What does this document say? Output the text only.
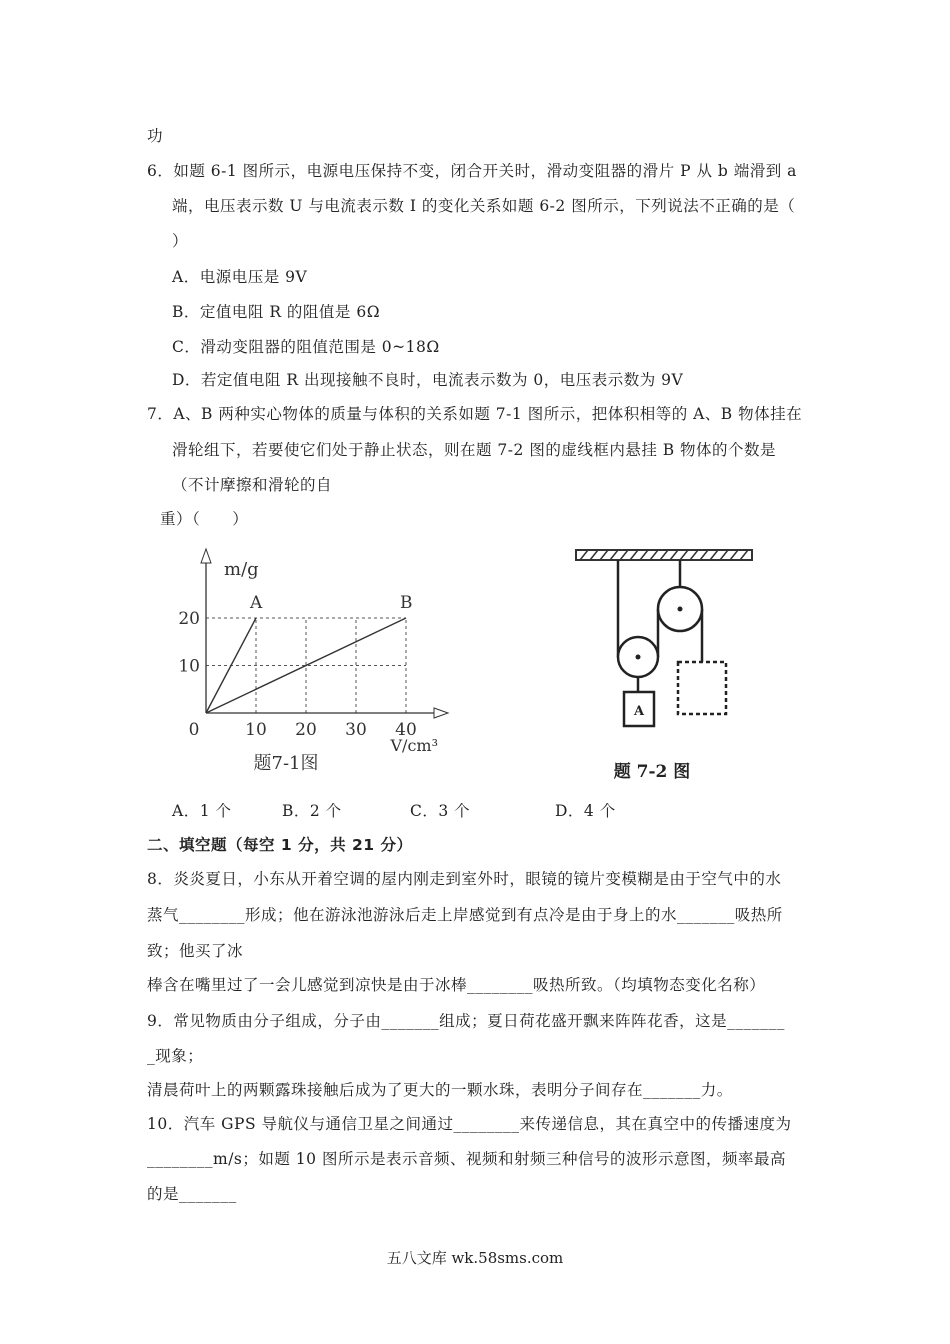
功
6．如题 6-1 图所示，电源电压保持不变，闭合开关时，滑动变阻器的滑片 P 从 b 端滑到 a
端，电压表示数 U 与电流表示数 I 的变化关系如题 6-2 图所示，下列说法不正确的是（
）
A．电源电压是 9V
B．定值电阻 R 的阻值是 6Ω
C．滑动变阻器的阻值范围是 0~18Ω
D．若定值电阻 R 出现接触不良时，电流表示数为 0，电压表示数为 9V
7．A、B 两种实心物体的质量与体积的关系如题 7-1 图所示，把体积相等的 A、B 物体挂在
滑轮组下，若要使它们处于静止状态，则在题 7-2 图的虚线框内悬挂 B 物体的个数是
（不计摩擦和滑轮的自
重）（　　）
0	10 20 30 40
10
20
m/g
V/cm³
A	B
题7-1图
A
题 7-2 图
A．1 个	B．2 个	C．3 个	D．4 个
二、填空题（每空 1 分，共 21 分）
8．炎炎夏日，小东从开着空调的屋内刚走到室外时，眼镜的镜片变模糊是由于空气中的水
蒸气________形成；他在游泳池游泳后走上岸感觉到有点冷是由于身上的水_______吸热所
致；他买了冰
棒含在嘴里过了一会儿感觉到凉快是由于冰棒________吸热所致。（均填物态变化名称）
9．常见物质由分子组成，分子由_______组成；夏日荷花盛开飘来阵阵花香，这是_______
_现象；
清晨荷叶上的两颗露珠接触后成为了更大的一颗水珠，表明分子间存在_______力。
10．汽车 GPS 导航仪与通信卫星之间通过________来传递信息，其在真空中的传播速度为
________m/s；如题 10 图所示是表示音频、视频和射频三种信号的波形示意图，频率最高
的是_______
五八文库 wk.58sms.com
